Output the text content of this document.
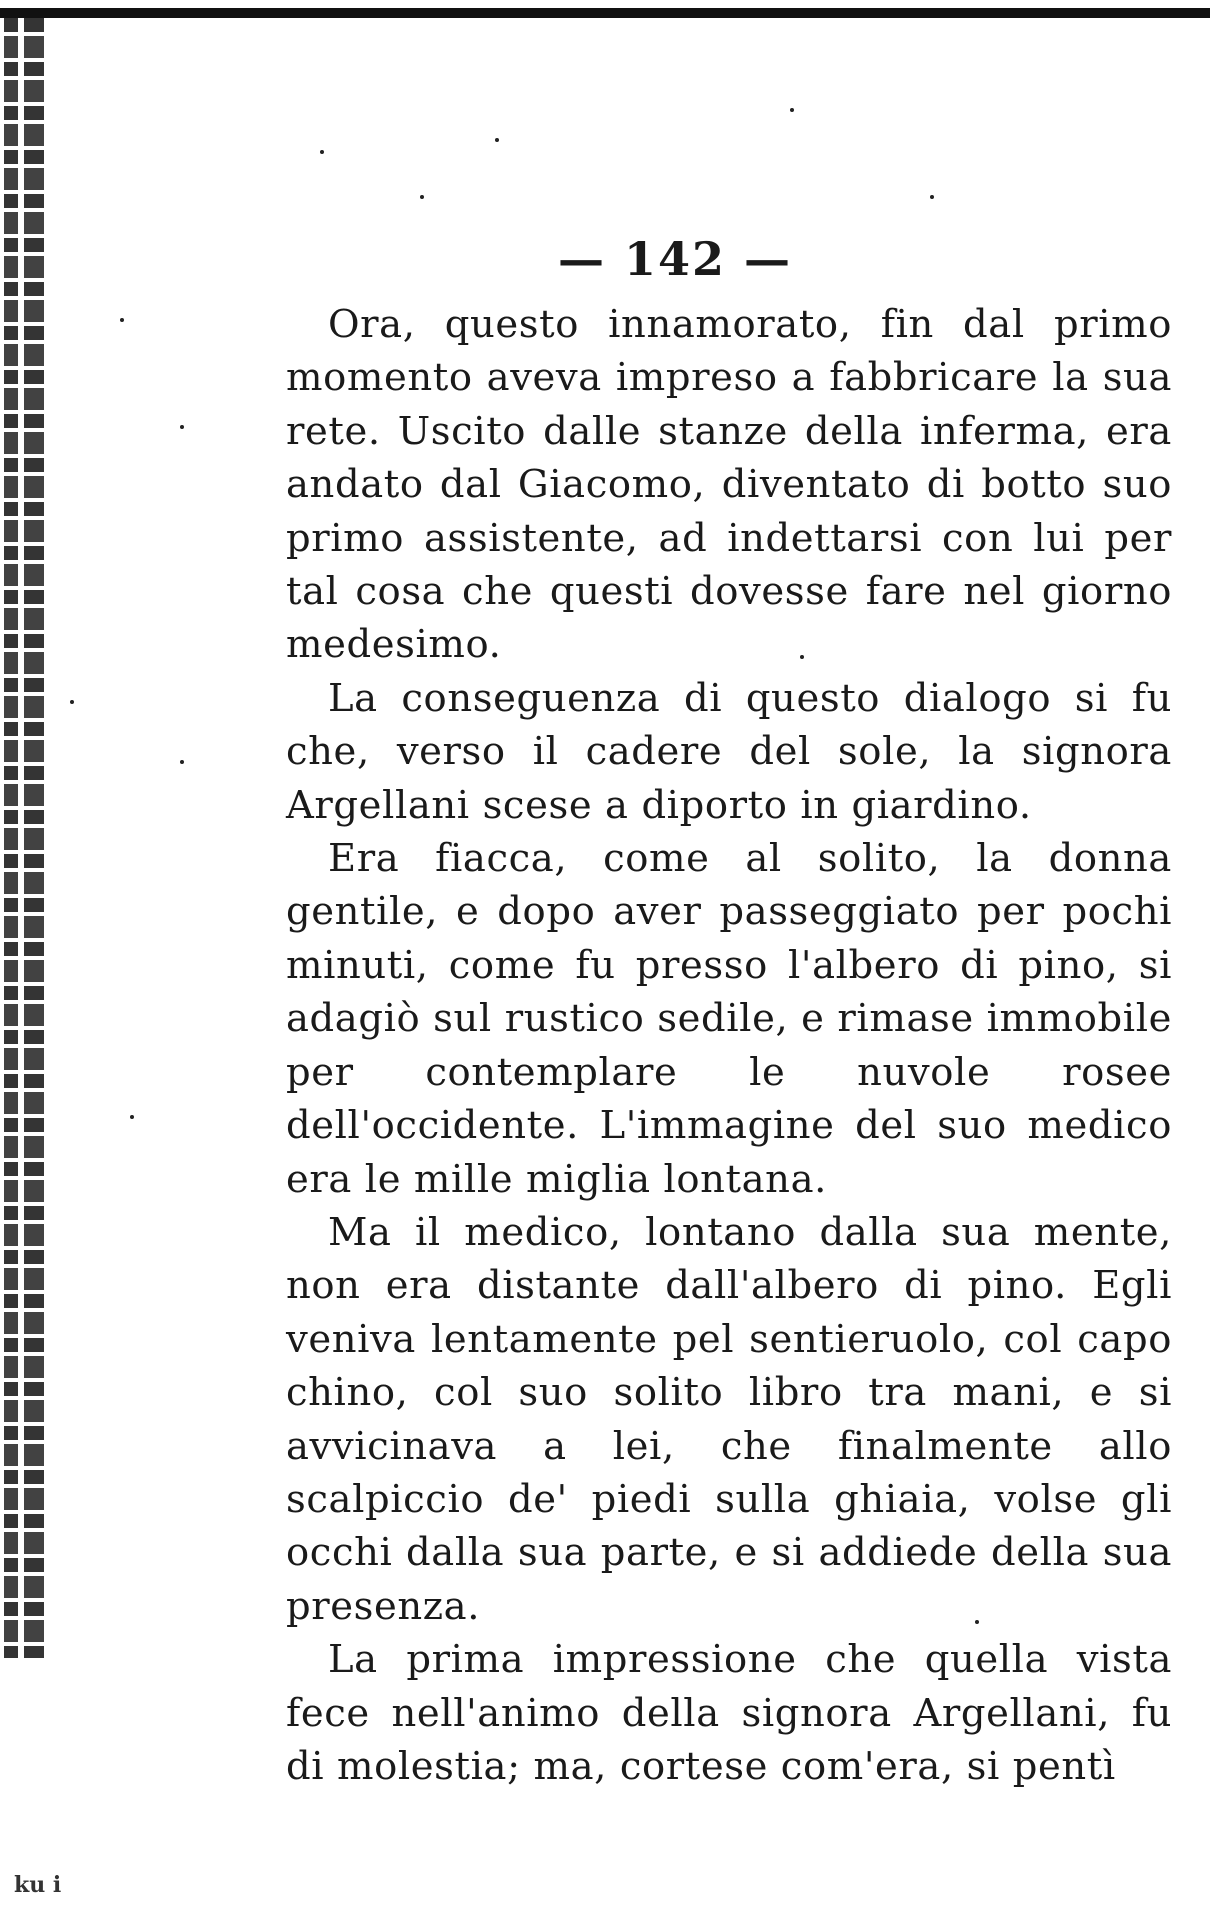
— 142 —

Ora, questo innamorato, fin dal primo momento aveva impreso a fabbricare la sua rete. Uscito dalle stanze della inferma, era andato dal Giacomo, diventato di botto suo primo assistente, ad indettarsi con lui per tal cosa che questi dovesse fare nel giorno medesimo.

La conseguenza di questo dialogo si fu che, verso il cadere del sole, la signora Argellani scese a diporto in giardino.

Era fiacca, come al solito, la donna gentile, e dopo aver passeggiato per pochi minuti, come fu presso l'albero di pino, si adagiò sul rustico sedile, e rimase immobile per contemplare le nuvole rosee dell'occidente. L'immagine del suo medico era le mille miglia lontana.

Ma il medico, lontano dalla sua mente, non era distante dall'albero di pino. Egli veniva lentamente pel sentieruolo, col capo chino, col suo solito libro tra mani, e si avvicinava a lei, che finalmente allo scalpiccio de' piedi sulla ghiaia, volse gli occhi dalla sua parte, e si addiede della sua presenza.

La prima impressione che quella vista fece nell'animo della signora Argellani, fu di molestia; ma, cortese com'era, si pentì

ku i
